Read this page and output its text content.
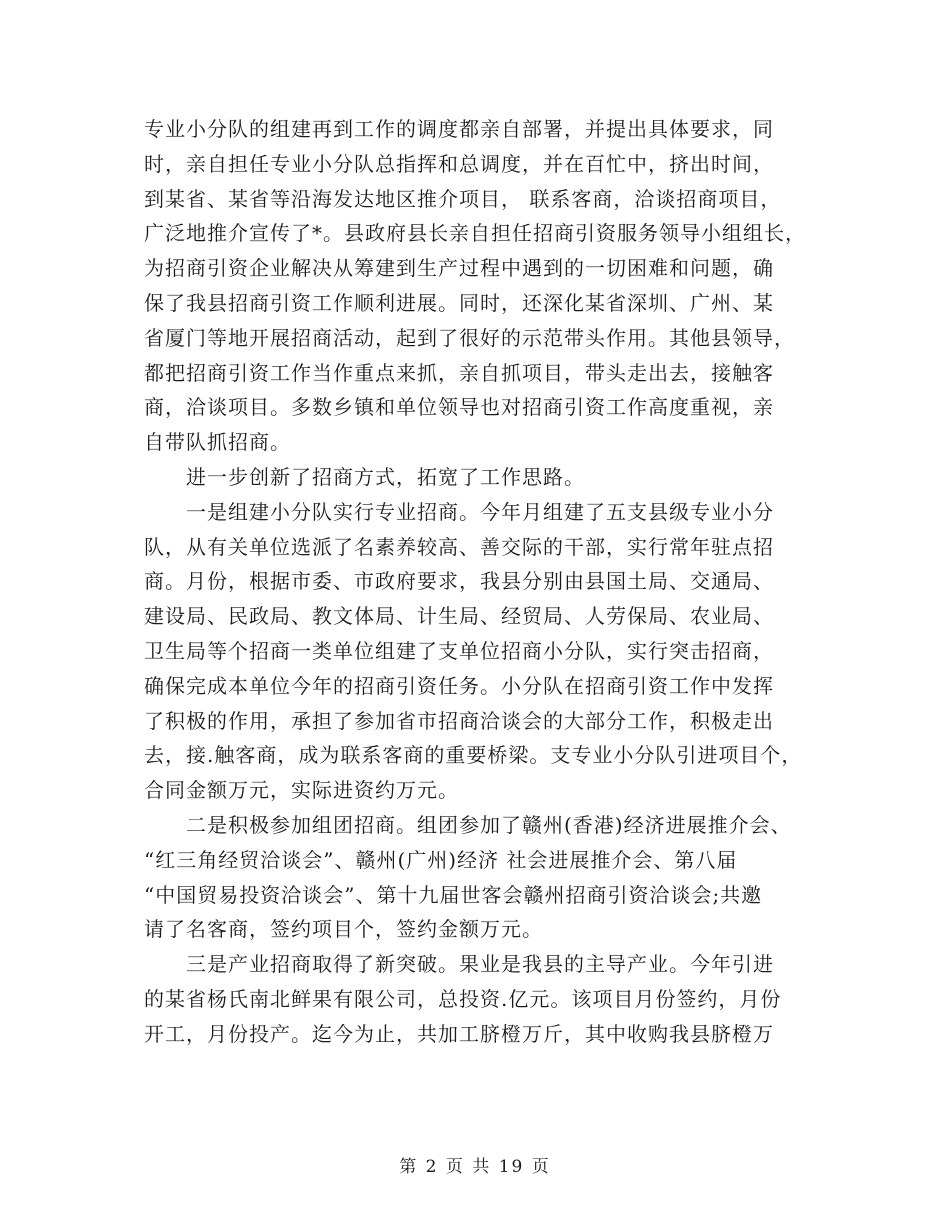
专业小分队的组建再到工作的调度都亲自部署，并提出具体要求，同
时，亲自担任专业小分队总指挥和总调度，并在百忙中，挤出时间，
到某省、某省等沿海发达地区推介项目， 联系客商，洽谈招商项目，
广泛地推介宣传了*。县政府县长亲自担任招商引资服务领导小组组长，
为招商引资企业解决从筹建到生产过程中遇到的一切困难和问题，确
保了我县招商引资工作顺利进展。同时，还深化某省深圳、广州、某
省厦门等地开展招商活动，起到了很好的示范带头作用。其他县领导，
都把招商引资工作当作重点来抓，亲自抓项目，带头走出去，接触客
商，洽谈项目。多数乡镇和单位领导也对招商引资工作高度重视，亲
自带队抓招商。
进一步创新了招商方式，拓宽了工作思路。
一是组建小分队实行专业招商。今年月组建了五支县级专业小分
队，从有关单位选派了名素养较高、善交际的干部，实行常年驻点招
商。月份，根据市委、市政府要求，我县分别由县国土局、交通局、
建设局、民政局、教文体局、计生局、经贸局、人劳保局、农业局、
卫生局等个招商一类单位组建了支单位招商小分队，实行突击招商，
确保完成本单位今年的招商引资任务。小分队在招商引资工作中发挥
了积极的作用，承担了参加省市招商洽谈会的大部分工作，积极走出
去，接.触客商，成为联系客商的重要桥梁。支专业小分队引进项目个，
合同金额万元，实际进资约万元。
二是积极参加组团招商。组团参加了赣州(香港)经济进展推介会、
“红三角经贸洽谈会”、赣州(广州)经济 社会进展推介会、第八届
“中国贸易投资洽谈会”、第十九届世客会赣州招商引资洽谈会;共邀
请了名客商，签约项目个，签约金额万元。
三是产业招商取得了新突破。果业是我县的主导产业。今年引进
的某省杨氏南北鲜果有限公司，总投资.亿元。该项目月份签约，月份
开工，月份投产。迄今为止，共加工脐橙万斤，其中收购我县脐橙万
第 2 页 共 19 页
